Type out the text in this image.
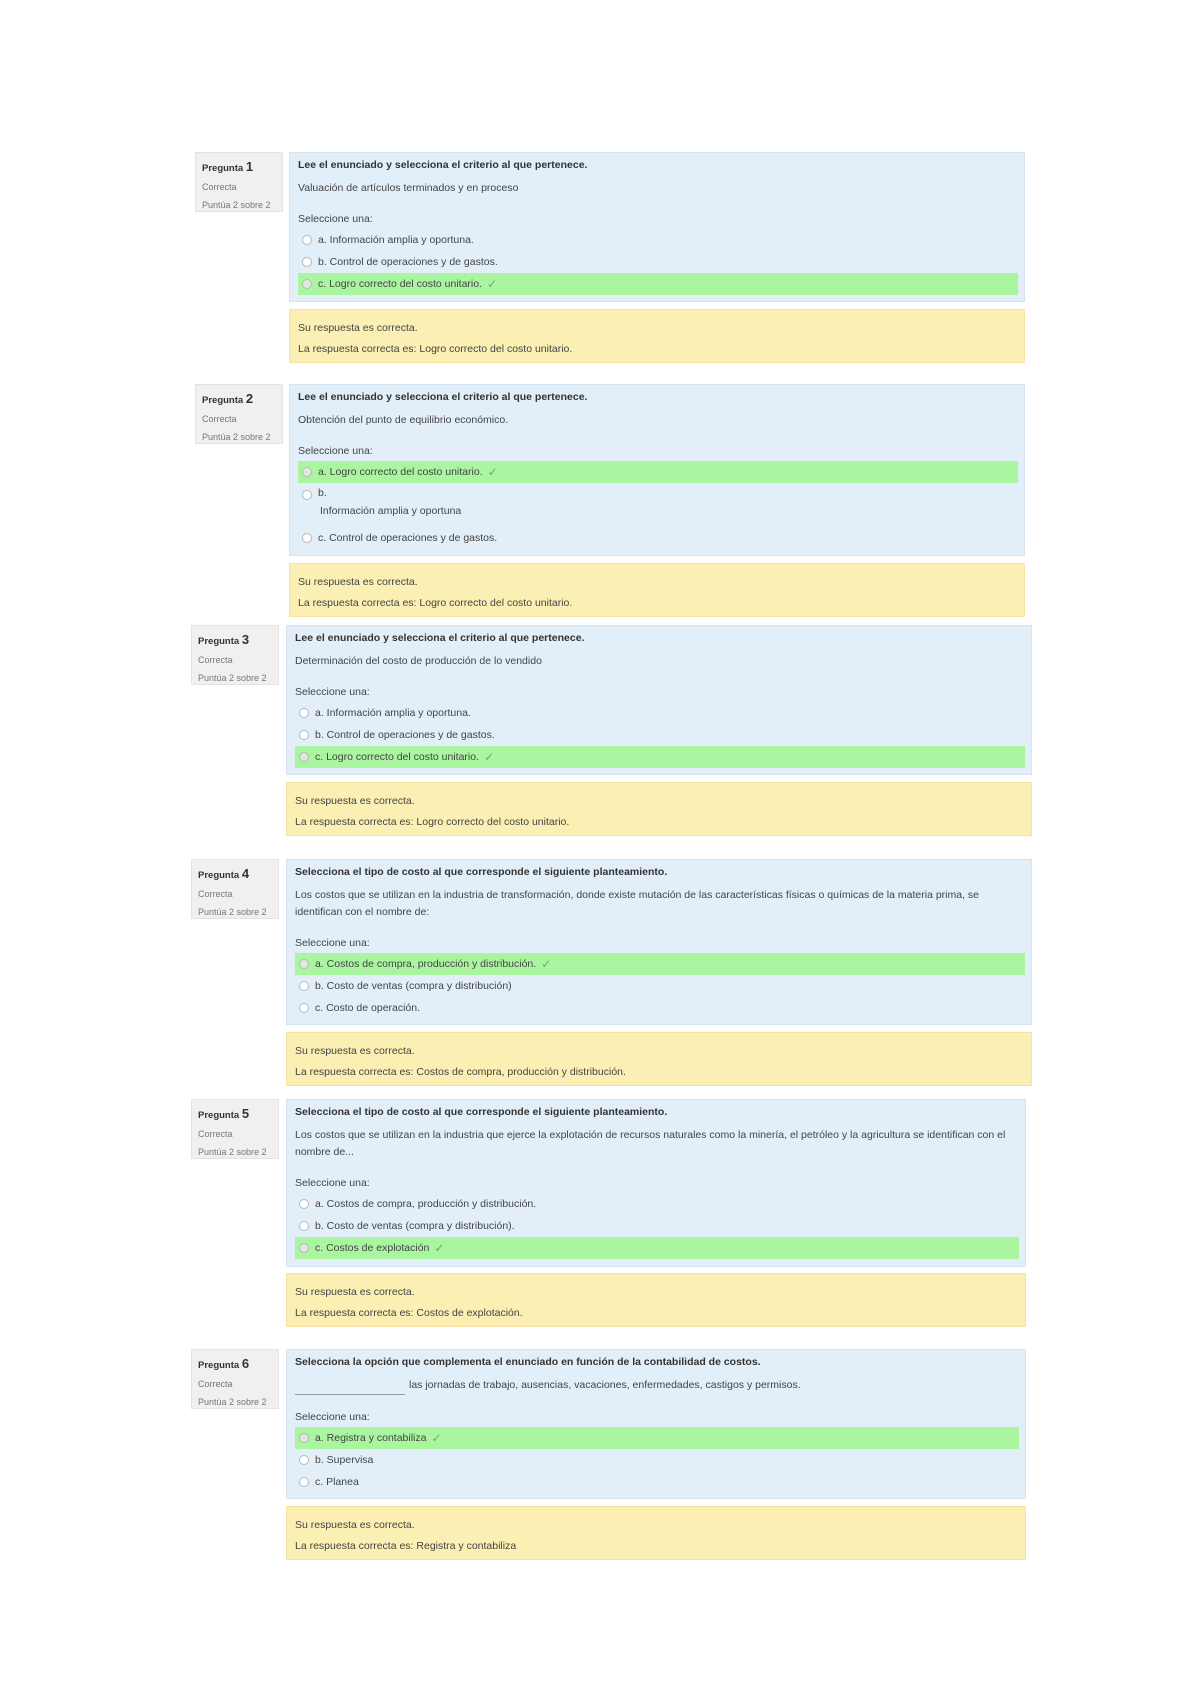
Pregunta 1
Correcta
Puntúa 2 sobre 2

Lee el enunciado y selecciona el criterio al que pertenece.

Valuación de artículos terminados y en proceso

Seleccione una:

a. Información amplia y oportuna.
b. Control de operaciones y de gastos.
c. Logro correcto del costo unitario. ✓

Su respuesta es correcta.

La respuesta correcta es: Logro correcto del costo unitario.

Pregunta 2
Correcta
Puntúa 2 sobre 2

Lee el enunciado y selecciona el criterio al que pertenece.

Obtención del punto de equilibrio económico.

Seleccione una:

a. Logro correcto del costo unitario. ✓
b.
Información amplia y oportuna
c. Control de operaciones y de gastos.

Su respuesta es correcta.

La respuesta correcta es: Logro correcto del costo unitario.

Pregunta 3
Correcta
Puntúa 2 sobre 2

Lee el enunciado y selecciona el criterio al que pertenece.

Determinación del costo de producción de lo vendido

Seleccione una:

a. Información amplia y oportuna.
b. Control de operaciones y de gastos.
c. Logro correcto del costo unitario. ✓

Su respuesta es correcta.

La respuesta correcta es: Logro correcto del costo unitario.

Pregunta 4
Correcta
Puntúa 2 sobre 2

Selecciona el tipo de costo al que corresponde el siguiente planteamiento.

Los costos que se utilizan en la industria de transformación, donde existe mutación de las características físicas o químicas de la materia prima, se identifican con el nombre de:

Seleccione una:

a. Costos de compra, producción y distribución. ✓
b. Costo de ventas (compra y distribución)
c. Costo de operación.

Su respuesta es correcta.

La respuesta correcta es: Costos de compra, producción y distribución.

Pregunta 5
Correcta
Puntúa 2 sobre 2

Selecciona el tipo de costo al que corresponde el siguiente planteamiento.

Los costos que se utilizan en la industria que ejerce la explotación de recursos naturales como la minería, el petróleo y la agricultura se identifican con el nombre de...

Seleccione una:

a. Costos de compra, producción y distribución.
b. Costo de ventas (compra y distribución).
c. Costos de explotación ✓

Su respuesta es correcta.

La respuesta correcta es: Costos de explotación.

Pregunta 6
Correcta
Puntúa 2 sobre 2

Selecciona la opción que complementa el enunciado en función de la contabilidad de costos.

las jornadas de trabajo, ausencias, vacaciones, enfermedades, castigos y permisos.

Seleccione una:

a. Registra y contabiliza ✓
b. Supervisa
c. Planea

Su respuesta es correcta.

La respuesta correcta es: Registra y contabiliza
